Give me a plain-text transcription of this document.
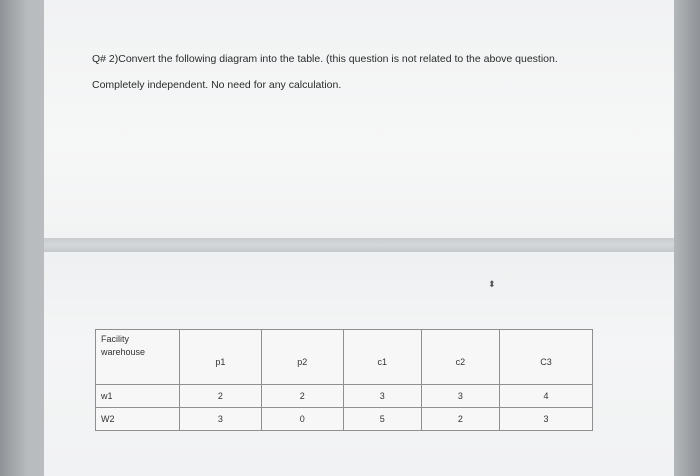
Q# 2)Convert the following diagram into the table. (this question is not related to the above question.
Completely independent. No need for any calculation.
⬍
Facility
warehouse	p1	p2	c1	c2	C3
w1	2	2	3	3	4
W2	3	0	5	2	3
